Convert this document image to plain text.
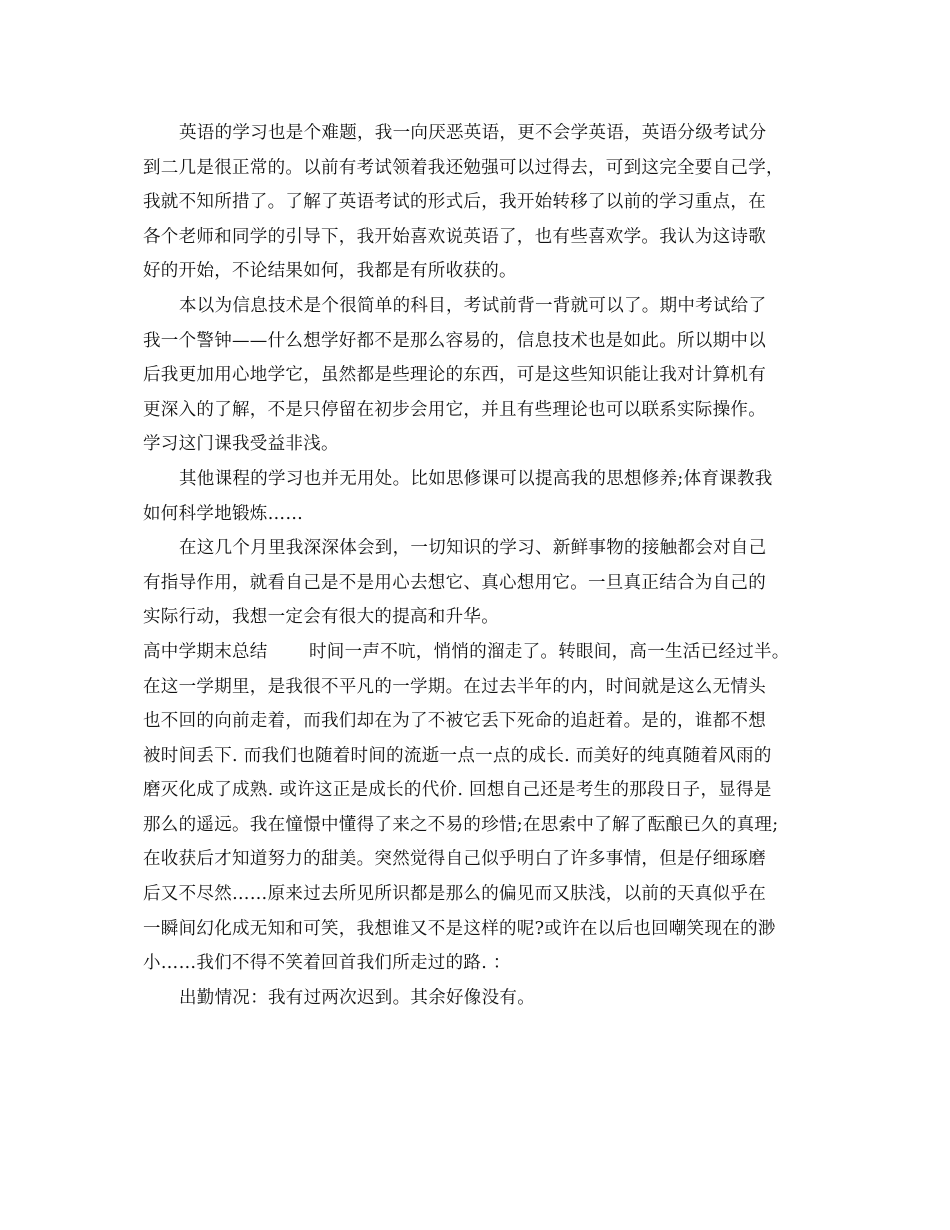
英语的学习也是个难题，我一向厌恶英语，更不会学英语，英语分级考试分
到二几是很正常的。以前有考试领着我还勉强可以过得去，可到这完全要自己学，
我就不知所措了。了解了英语考试的形式后，我开始转移了以前的学习重点，在
各个老师和同学的引导下，我开始喜欢说英语了，也有些喜欢学。我认为这诗歌
好的开始，不论结果如何，我都是有所收获的。
本以为信息技术是个很简单的科目，考试前背一背就可以了。期中考试给了
我一个警钟——什么想学好都不是那么容易的，信息技术也是如此。所以期中以
后我更加用心地学它，虽然都是些理论的东西，可是这些知识能让我对计算机有
更深入的了解，不是只停留在初步会用它，并且有些理论也可以联系实际操作。
学习这门课我受益非浅。
其他课程的学习也并无用处。比如思修课可以提高我的思想修养;体育课教我
如何科学地锻炼……
在这几个月里我深深体会到，一切知识的学习、新鲜事物的接触都会对自己
有指导作用，就看自己是不是用心去想它、真心想用它。一旦真正结合为自己的
实际行动，我想一定会有很大的提高和升华。
高中学期末总结 时间一声不吭，悄悄的溜走了。转眼间，高一生活已经过半。
在这一学期里，是我很不平凡的一学期。在过去半年的内，时间就是这么无情头
也不回的向前走着，而我们却在为了不被它丢下死命的追赶着。是的，谁都不想
被时间丢下. 而我们也随着时间的流逝一点一点的成长. 而美好的纯真随着风雨的
磨灭化成了成熟. 或许这正是成长的代价. 回想自己还是考生的那段日子，显得是
那么的遥远。我在憧憬中懂得了来之不易的珍惜;在思索中了解了酝酿已久的真理;
在收获后才知道努力的甜美。突然觉得自己似乎明白了许多事情，但是仔细琢磨
后又不尽然……原来过去所见所识都是那么的偏见而又肤浅，以前的天真似乎在
一瞬间幻化成无知和可笑，我想谁又不是这样的呢?或许在以后也回嘲笑现在的渺
小……我们不得不笑着回首我们所走过的路. ：
出勤情况：我有过两次迟到。其余好像没有。
